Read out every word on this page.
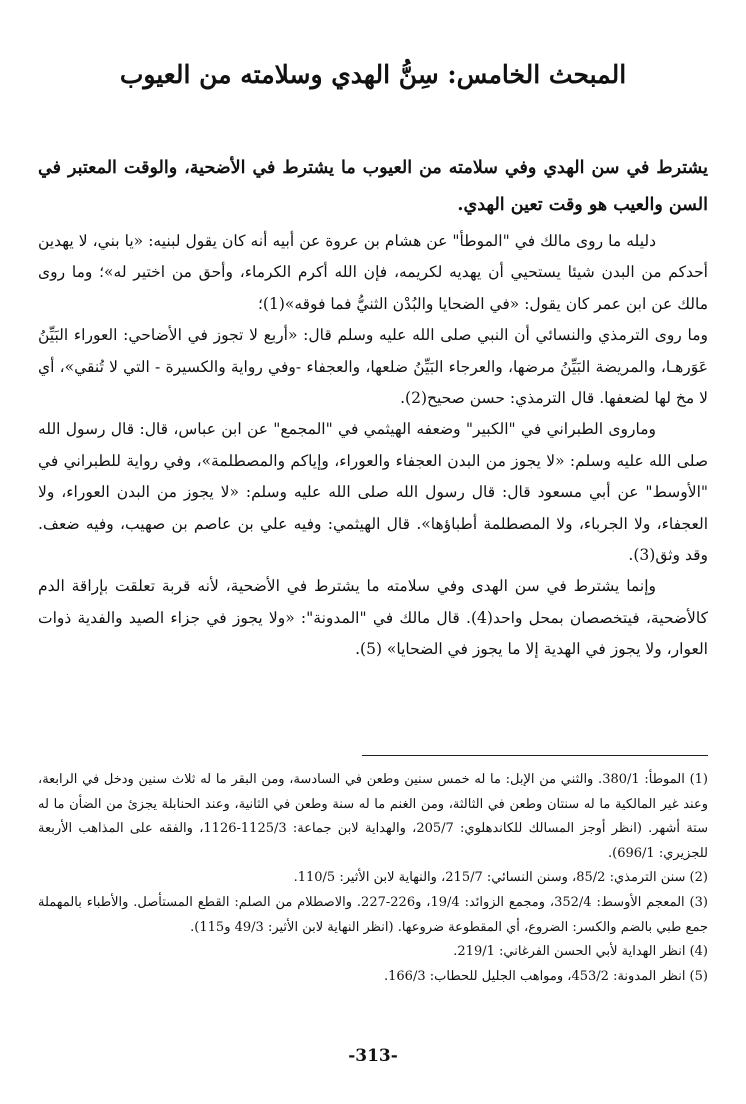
المبحث الخامس: سِنُّ الهدي وسلامته من العيوب

يشترط في سن الهدي وفي سلامته من العيوب ما يشترط في الأضحية، والوقت المعتبر في السن والعيب هو وقت تعين الهدي.

دليله ما روى مالك في "الموطأ" عن هشام بن عروة عن أبيه أنه كان يقول لبنيه: «يا بني، لا يهدين أحدكم من البدن شيئا يستحيي أن يهديه لكريمه، فإن الله أكرم الكرماء، وأحق من اختير له»؛ وما روى مالك عن ابن عمر كان يقول: «في الضحايا والبُدْن الثنيُّ فما فوقه»(1)؛

وما روى الترمذي والنسائي أن النبي صلى الله عليه وسلم قال: «أربع لا تجوز في الأضاحي: العوراء البَيِّنُ عَوَرهـا، والمريضة البَيِّنُ مرضها، والعرجاء البَيِّنُ ضلعها، والعجفاء -وفي رواية والكسيرة - التي لا تُنقي»، أي لا مخ لها لضعفها. قال الترمذي: حسن صحيح(2).

وماروى الطبراني في "الكبير" وضعفه الهيثمي في "المجمع" عن ابن عباس، قال: قال رسول الله صلى الله عليه وسلم: «لا يجوز من البدن العجفاء والعوراء، وإياكم والمصطلمة»، وفي رواية للطبراني في "الأوسط" عن أبي مسعود قال: قال رسول الله صلى الله عليه وسلم: «لا يجوز من البدن العوراء، ولا العجفاء، ولا الجرباء، ولا المصطلمة أطباؤها». قال الهيثمي: وفيه علي بن عاصم بن صهيب، وفيه ضعف. وقد وثق(3).

وإنما يشترط في سن الهدى وفي سلامته ما يشترط في الأضحية، لأنه قربة تعلقت بإراقة الدم كالأضحية، فيتخصصان بمحل واحد(4). قال مالك في "المدونة": «ولا يجوز في جزاء الصيد والفدية ذوات العوار، ولا يجوز في الهدية إلا ما يجوز في الضحايا» (5).

(1) الموطأ: 380/1. والثني من الإبل: ما له خمس سنين وطعن في السادسة، ومن البقر ما له ثلاث سنين ودخل في الرابعة، وعند غير المالكية ما له سنتان وطعن في الثالثة، ومن الغنم ما له سنة وطعن في الثانية، وعند الحنابلة يجزئ من الضأن ما له ستة أشهر. (انظر أوجز المسالك للكاندهلوي: 205/7، والهداية لابن جماعة: 1125/3-1126، والفقه على المذاهب الأربعة للجزيري: 696/1).

(2) سنن الترمذي: 85/2، وسنن النسائي: 215/7، والنهاية لابن الأثير: 110/5.

(3) المعجم الأوسط: 352/4، ومجمع الزوائد: 19/4، و226-227. والاصطلام من الصلم: القطع المستأصل. والأطباء بالمهملة جمع طبي بالضم والكسر: الضروع، أي المقطوعة ضروعها. (انظر النهاية لابن الأثير: 49/3 و115).

(4) انظر الهداية لأبي الحسن الفرغاني: 219/1.

(5) انظر المدونة: 453/2، ومواهب الجليل للحطاب: 166/3.

-313-
